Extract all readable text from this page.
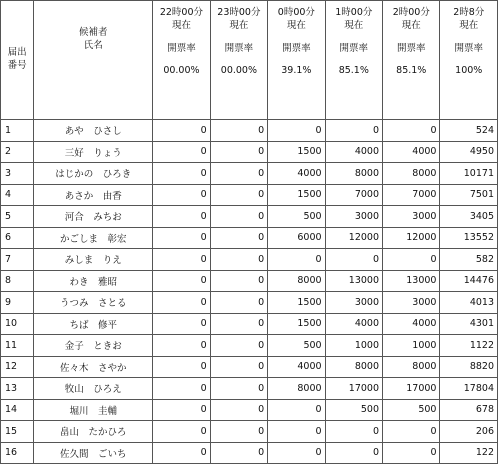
届出
番号	候補者
氏名	22時00分
現在
開票率
00.00%	23時00分
現在
開票率
00.00%	0時00分
現在
開票率
39.1%	1時00分
現在
開票率
85.1%	2時00分
現在
開票率
85.1%	2時8分
現在
開票率
100%

1	あや　ひさし	0	0	0	0	0	524
2	三好　りょう	0	0	1500	4000	4000	4950
3	はじかの　ひろき	0	0	4000	8000	8000	10171
4	あさか　由香	0	0	1500	7000	7000	7501
5	河合　みちお	0	0	500	3000	3000	3405
6	かごしま　彰宏	0	0	6000	12000	12000	13552
7	みしま　りえ	0	0	0	0	0	582
8	わき　雅昭	0	0	8000	13000	13000	14476
9	うつみ　さとる	0	0	1500	3000	3000	4013
10	ちば　修平	0	0	1500	4000	4000	4301
11	金子　ときお	0	0	500	1000	1000	1122
12	佐々木　さやか	0	0	4000	8000	8000	8820
13	牧山　ひろえ	0	0	8000	17000	17000	17804
14	堀川　圭輔	0	0	0	500	500	678
15	畠山　たかひろ	0	0	0	0	0	206
16	佐久間　ごいち	0	0	0	0	0	122
